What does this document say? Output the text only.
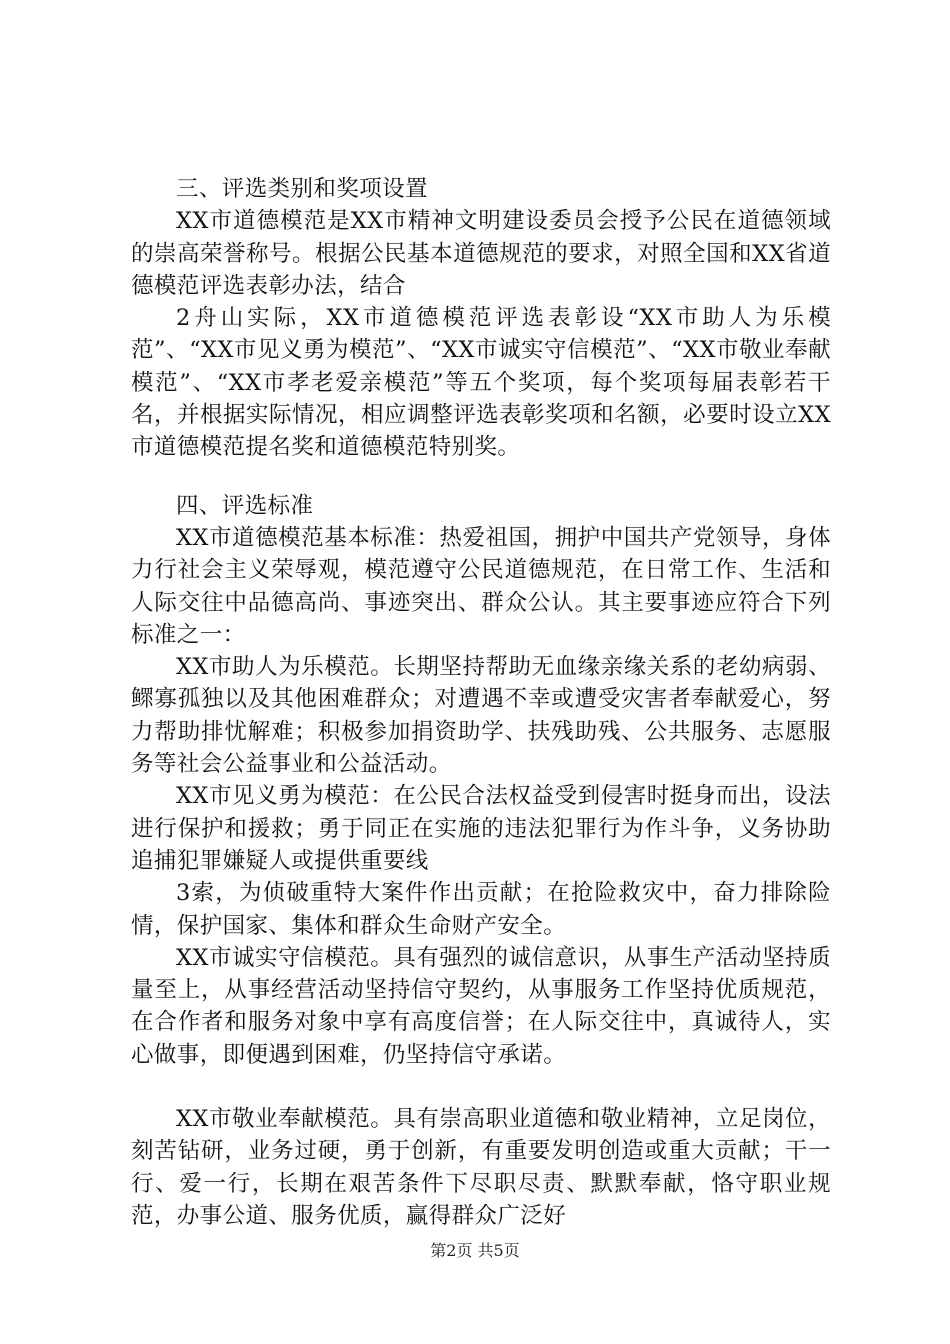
三、评选类别和奖项设置

XX市道德模范是XX市精神文明建设委员会授予公民在道德领域的崇高荣誉称号。根据公民基本道德规范的要求，对照全国和XX省道德模范评选表彰办法，结合

2舟山实际，XX市道德模范评选表彰设“XX市助人为乐模范”、“XX市见义勇为模范”、“XX市诚实守信模范”、“XX市敬业奉献模范”、“XX市孝老爱亲模范”等五个奖项，每个奖项每届表彰若干名，并根据实际情况，相应调整评选表彰奖项和名额，必要时设立XX市道德模范提名奖和道德模范特别奖。

四、评选标准

XX市道德模范基本标准：热爱祖国，拥护中国共产党领导，身体力行社会主义荣辱观，模范遵守公民道德规范，在日常工作、生活和人际交往中品德高尚、事迹突出、群众公认。其主要事迹应符合下列标准之一：

XX市助人为乐模范。长期坚持帮助无血缘亲缘关系的老幼病弱、鳏寡孤独以及其他困难群众；对遭遇不幸或遭受灾害者奉献爱心，努力帮助排忧解难；积极参加捐资助学、扶残助残、公共服务、志愿服务等社会公益事业和公益活动。

XX市见义勇为模范：在公民合法权益受到侵害时挺身而出，设法进行保护和援救；勇于同正在实施的违法犯罪行为作斗争，义务协助追捕犯罪嫌疑人或提供重要线

3索，为侦破重特大案件作出贡献；在抢险救灾中，奋力排除险情，保护国家、集体和群众生命财产安全。

XX市诚实守信模范。具有强烈的诚信意识，从事生产活动坚持质量至上，从事经营活动坚持信守契约，从事服务工作坚持优质规范，在合作者和服务对象中享有高度信誉；在人际交往中，真诚待人，实心做事，即便遇到困难，仍坚持信守承诺。

XX市敬业奉献模范。具有崇高职业道德和敬业精神，立足岗位，刻苦钻研，业务过硬，勇于创新，有重要发明创造或重大贡献；干一行、爱一行，长期在艰苦条件下尽职尽责、默默奉献，恪守职业规范，办事公道、服务优质，赢得群众广泛好

第2页 共5页
